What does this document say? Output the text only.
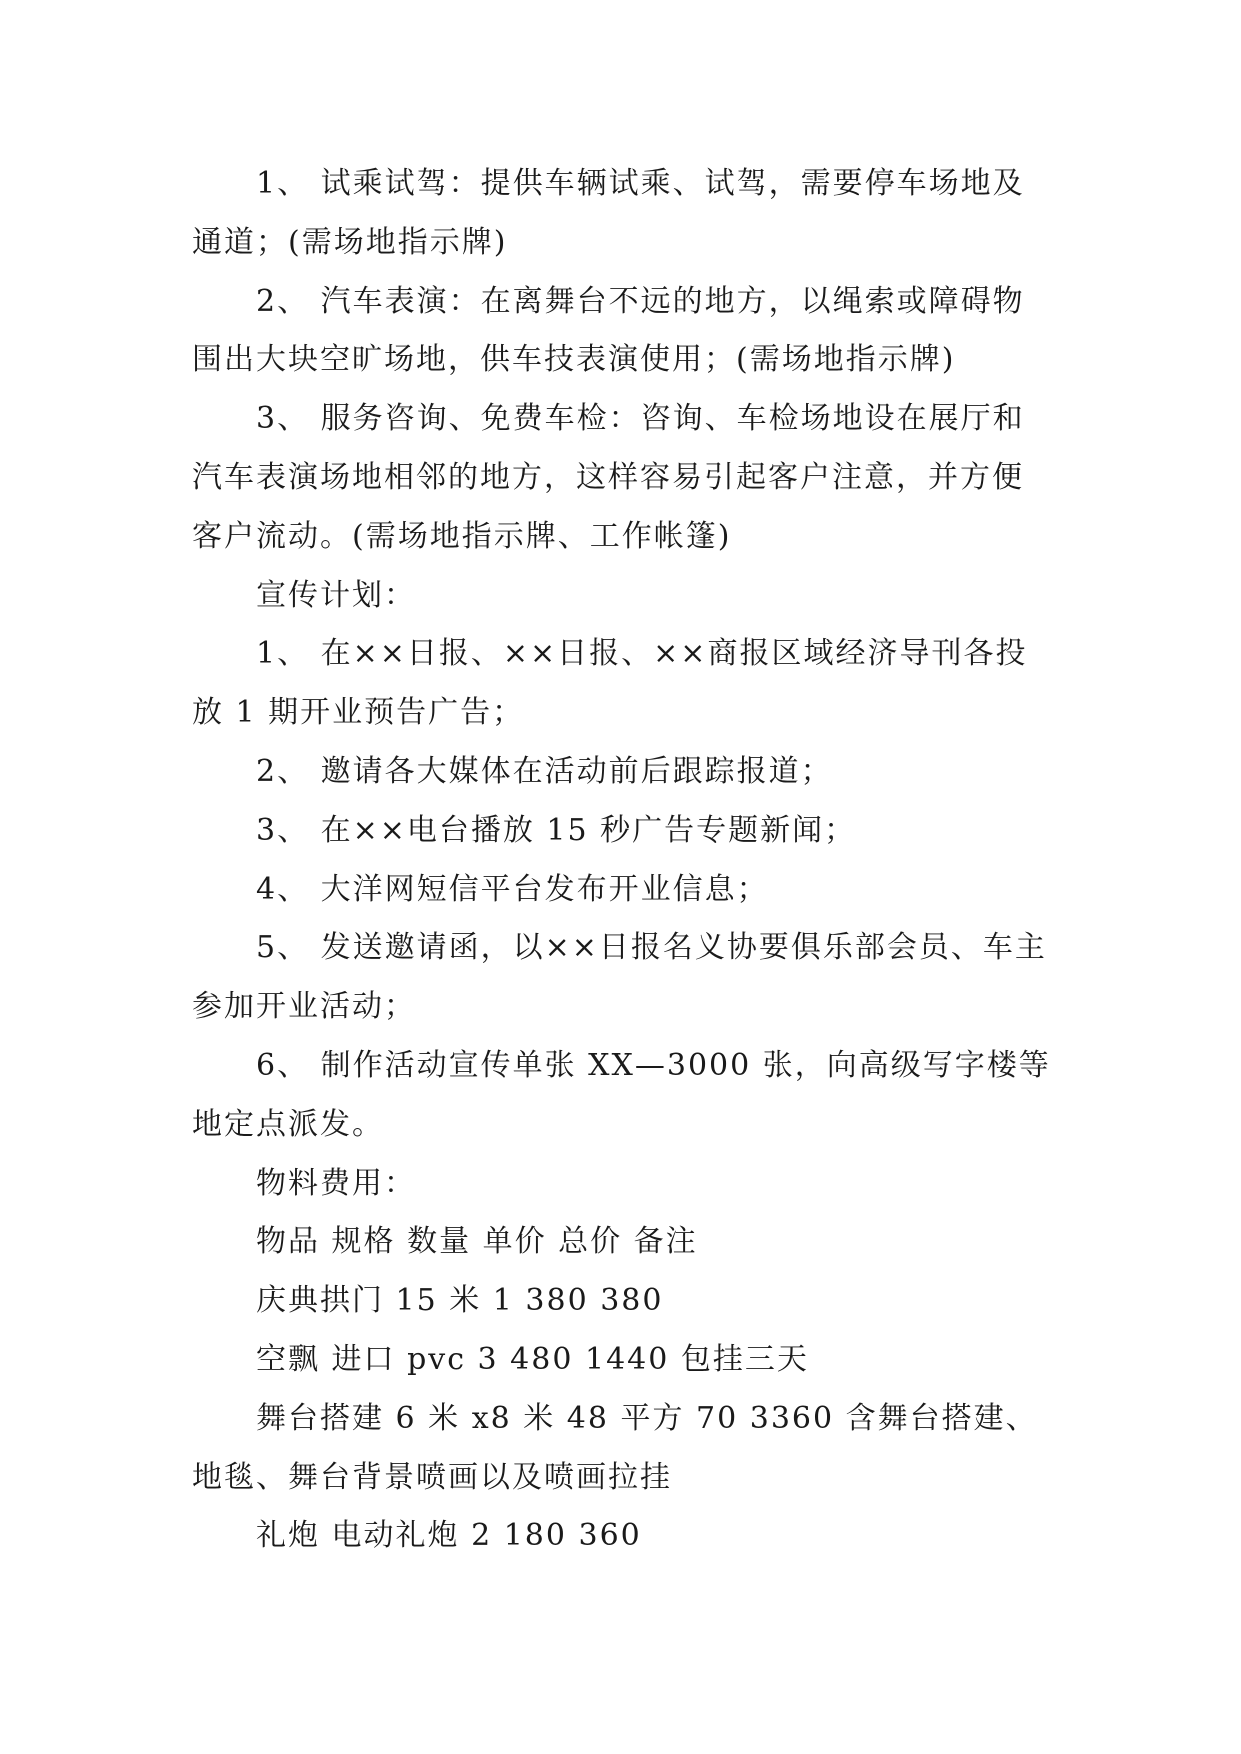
1、 试乘试驾：提供车辆试乘、试驾，需要停车场地及通道；(需场地指示牌)

2、 汽车表演：在离舞台不远的地方，以绳索或障碍物围出大块空旷场地，供车技表演使用；(需场地指示牌)

3、 服务咨询、免费车检：咨询、车检场地设在展厅和汽车表演场地相邻的地方，这样容易引起客户注意，并方便客户流动。(需场地指示牌、工作帐篷)

宣传计划：

1、 在××日报、××日报、××商报区域经济导刊各投放 1 期开业预告广告；

2、 邀请各大媒体在活动前后跟踪报道；

3、 在××电台播放 15 秒广告专题新闻；

4、 大洋网短信平台发布开业信息；

5、 发送邀请函，以××日报名义协要俱乐部会员、车主参加开业活动；

6、 制作活动宣传单张 XX—3000 张，向高级写字楼等地定点派发。

物料费用：

物品 规格 数量 单价 总价 备注

庆典拱门 15 米 1 380 380

空飘 进口 pvc 3 480 1440 包挂三天

舞台搭建 6 米 x8 米 48 平方 70 3360 含舞台搭建、地毯、舞台背景喷画以及喷画拉挂

礼炮 电动礼炮 2 180 360
